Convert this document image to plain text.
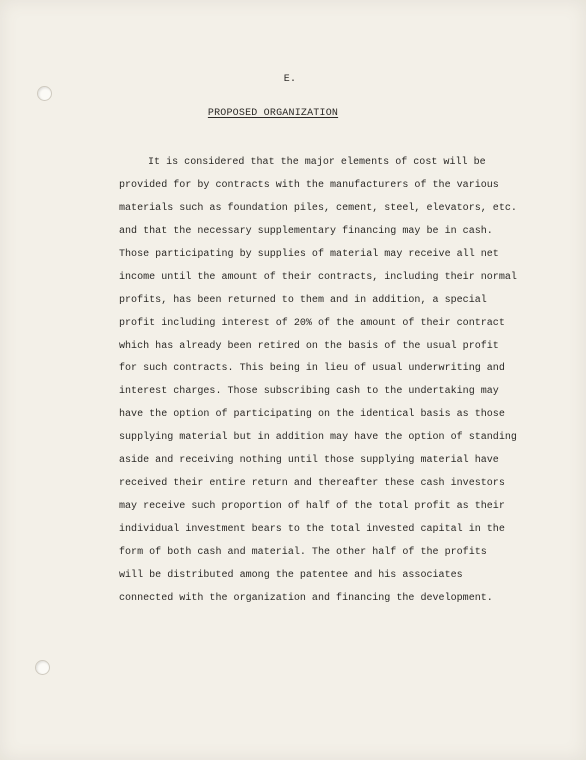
E.
PROPOSED ORGANIZATION
It is considered that the major elements of cost will be
provided for by contracts with the manufacturers of the various
materials such as foundation piles, cement, steel, elevators, etc.
and that the necessary supplementary financing may be in cash.
Those participating by supplies of material may receive all net
income until the amount of their contracts, including their normal
profits, has been returned to them and in addition, a special
profit including interest of 20% of the amount of their contract
which has already been retired on the basis of the usual profit
for such contracts. This being in lieu of usual underwriting and
interest charges. Those subscribing cash to the undertaking may
have the option of participating on the identical basis as those
supplying material but in addition may have the option of standing
aside and receiving nothing until those supplying material have
received their entire return and thereafter these cash investors
may receive such proportion of half of the total profit as their
individual investment bears to the total invested capital in the
form of both cash and material. The other half of the profits
will be distributed among the patentee and his associates
connected with the organization and financing the development.
